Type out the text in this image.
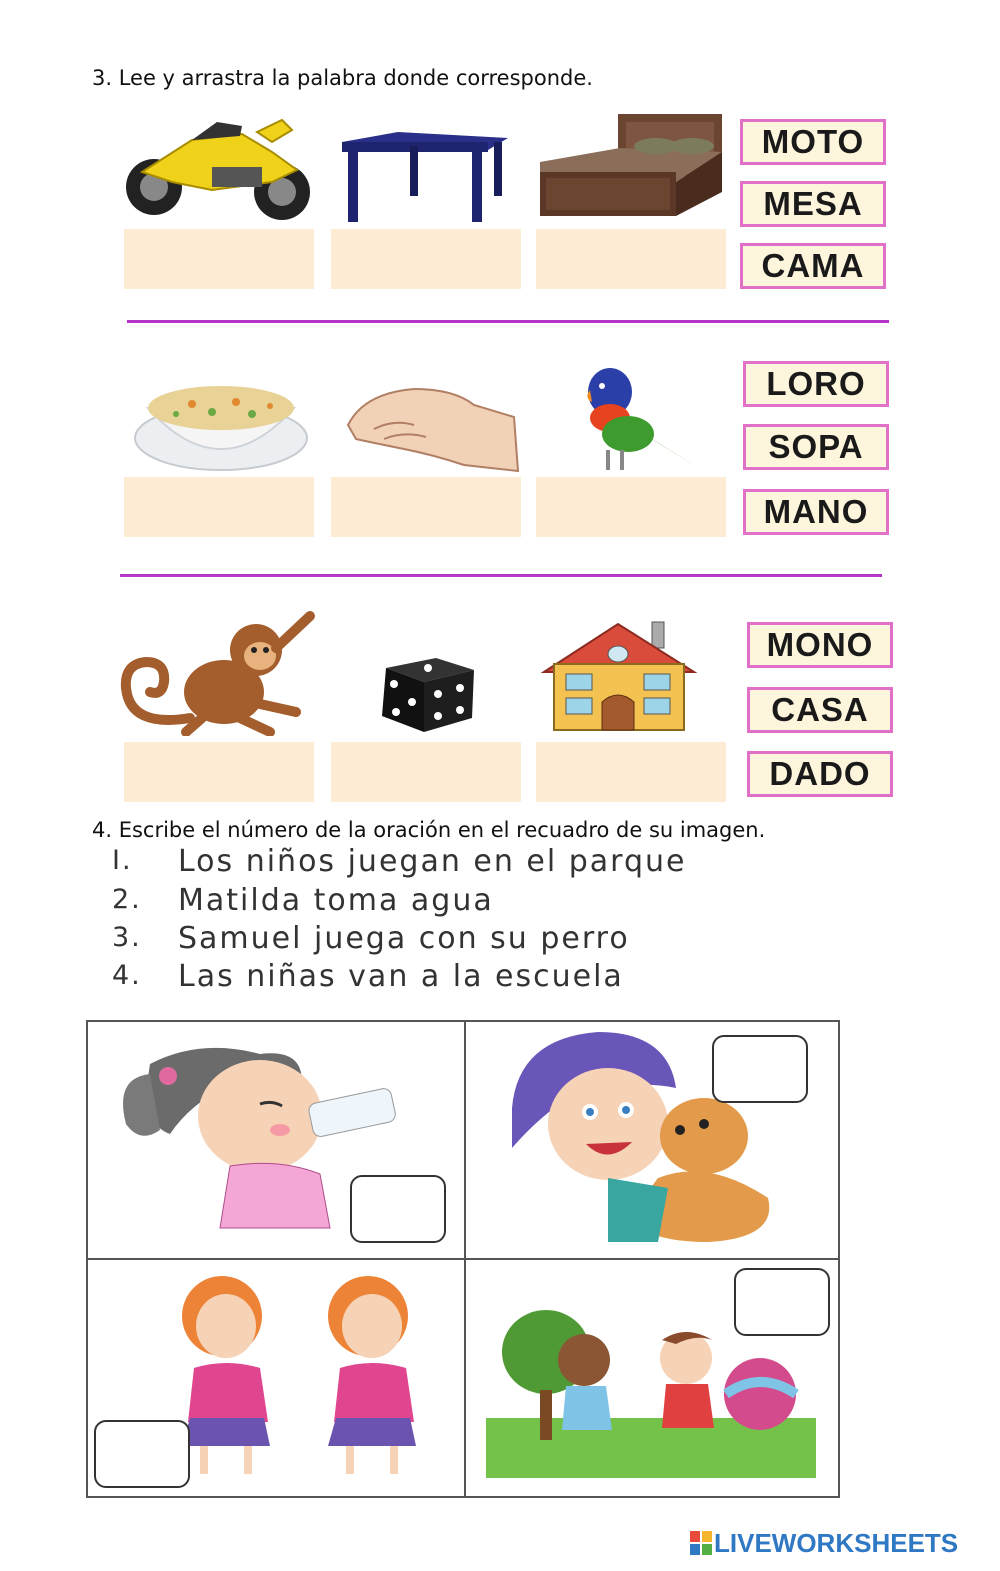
3. Lee y arrastra la palabra donde corresponde.
MOTO
MESA
CAMA
LORO
SOPA
MANO
MONO
CASA
DADO
4. Escribe el número de la oración en el recuadro de su imagen.
I. Los niños juegan en el parque
2. Matilda toma agua
3. Samuel juega con su perro
4. Las niñas van a la escuela
LIVEWORKSHEETS
